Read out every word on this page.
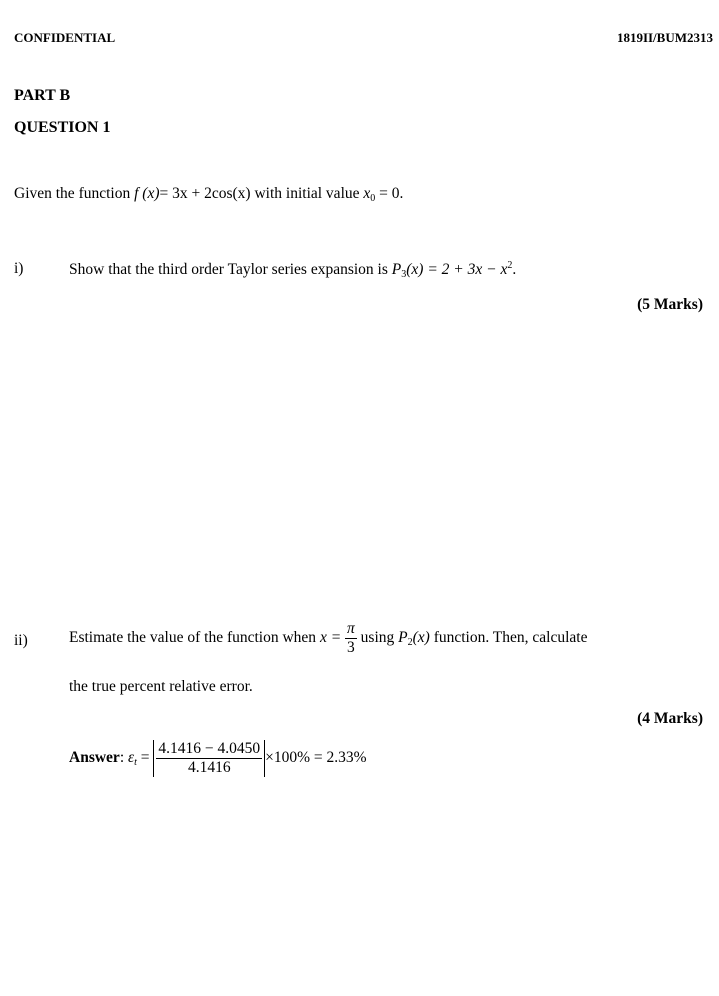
CONFIDENTIAL	1819II/BUM2313
PART B
QUESTION 1
Given the function f (x)= 3x + 2cos(x) with initial value $x_0 = 0$.
i)	Show that the third order Taylor series expansion is $P_3(x) = 2 + 3x - x^2$.
(5 Marks)
ii)	Estimate the value of the function when $x = \frac{\pi}{3}$ using $P_2(x)$ function. Then, calculate
the true percent relative error.
(4 Marks)
Answer: $\varepsilon_t = \frac{4.1416 - 4.0450}{4.1416} \times 100\% = 2.33\%$
